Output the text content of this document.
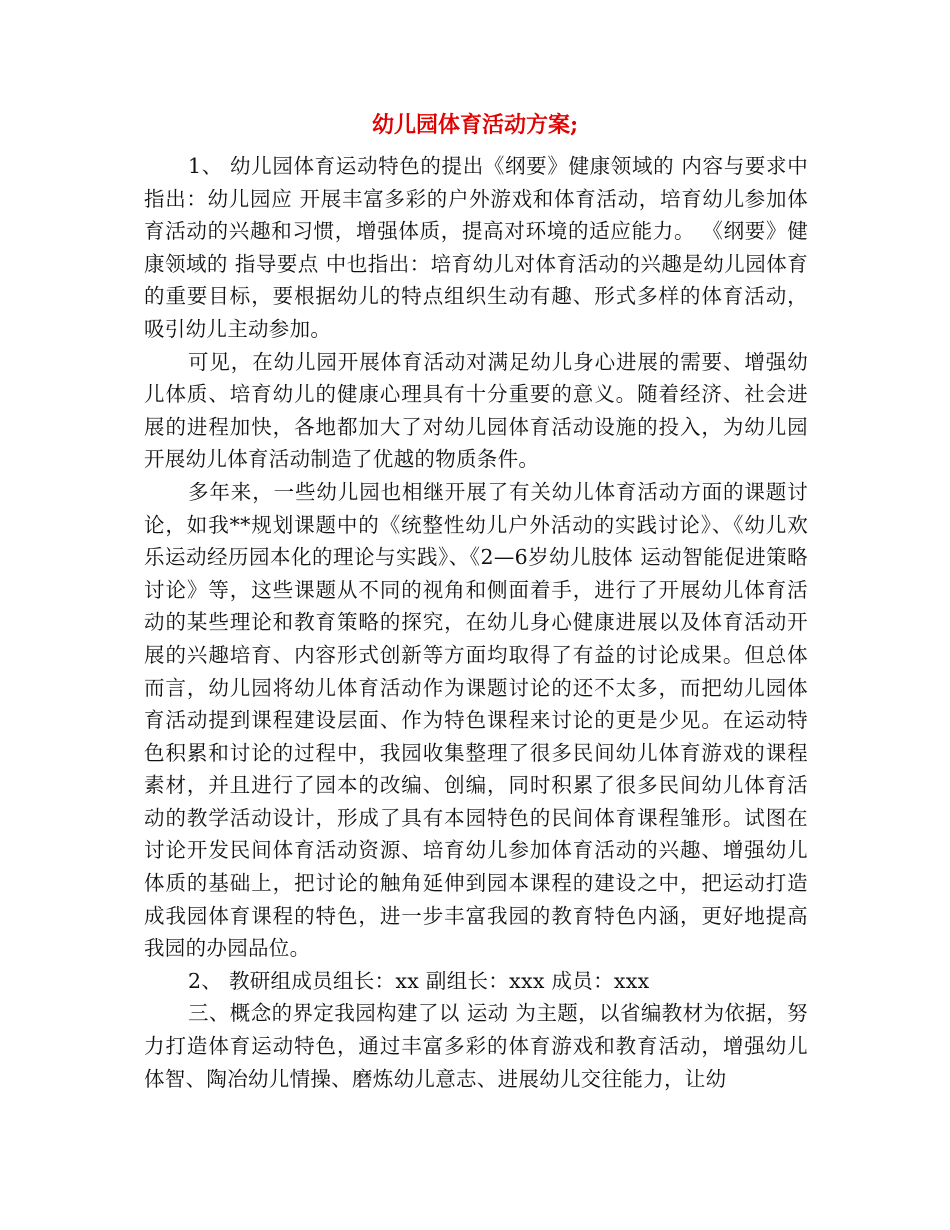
幼儿园体育活动方案;

1、 幼儿园体育运动特色的提出《纲要》健康领域的 内容与要求中指出：幼儿园应 开展丰富多彩的户外游戏和体育活动，培育幼儿参加体育活动的兴趣和习惯，增强体质，提高对环境的适应能力。 《纲要》健康领域的 指导要点 中也指出：培育幼儿对体育活动的兴趣是幼儿园体育的重要目标，要根据幼儿的特点组织生动有趣、形式多样的体育活动，吸引幼儿主动参加。

可见，在幼儿园开展体育活动对满足幼儿身心进展的需要、增强幼儿体质、培育幼儿的健康心理具有十分重要的意义。随着经济、社会进展的进程加快，各地都加大了对幼儿园体育活动设施的投入，为幼儿园开展幼儿体育活动制造了优越的物质条件。

多年来，一些幼儿园也相继开展了有关幼儿体育活动方面的课题讨论，如我**规划课题中的《统整性幼儿户外活动的实践讨论》、《幼儿欢乐运动经历园本化的理论与实践》、《2—6岁幼儿肢体 运动智能促进策略讨论》等，这些课题从不同的视角和侧面着手，进行了开展幼儿体育活动的某些理论和教育策略的探究，在幼儿身心健康进展以及体育活动开展的兴趣培育、内容形式创新等方面均取得了有益的讨论成果。但总体而言，幼儿园将幼儿体育活动作为课题讨论的还不太多，而把幼儿园体育活动提到课程建设层面、作为特色课程来讨论的更是少见。在运动特色积累和讨论的过程中，我园收集整理了很多民间幼儿体育游戏的课程素材，并且进行了园本的改编、创编，同时积累了很多民间幼儿体育活动的教学活动设计，形成了具有本园特色的民间体育课程雏形。试图在讨论开发民间体育活动资源、培育幼儿参加体育活动的兴趣、增强幼儿体质的基础上，把讨论的触角延伸到园本课程的建设之中，把运动打造成我园体育课程的特色，进一步丰富我园的教育特色内涵，更好地提高我园的办园品位。

2、 教研组成员组长：xx 副组长：xxx 成员：xxx

三、概念的界定我园构建了以 运动 为主题，以省编教材为依据，努力打造体育运动特色，通过丰富多彩的体育游戏和教育活动，增强幼儿体智、陶冶幼儿情操、磨炼幼儿意志、进展幼儿交往能力，让幼
